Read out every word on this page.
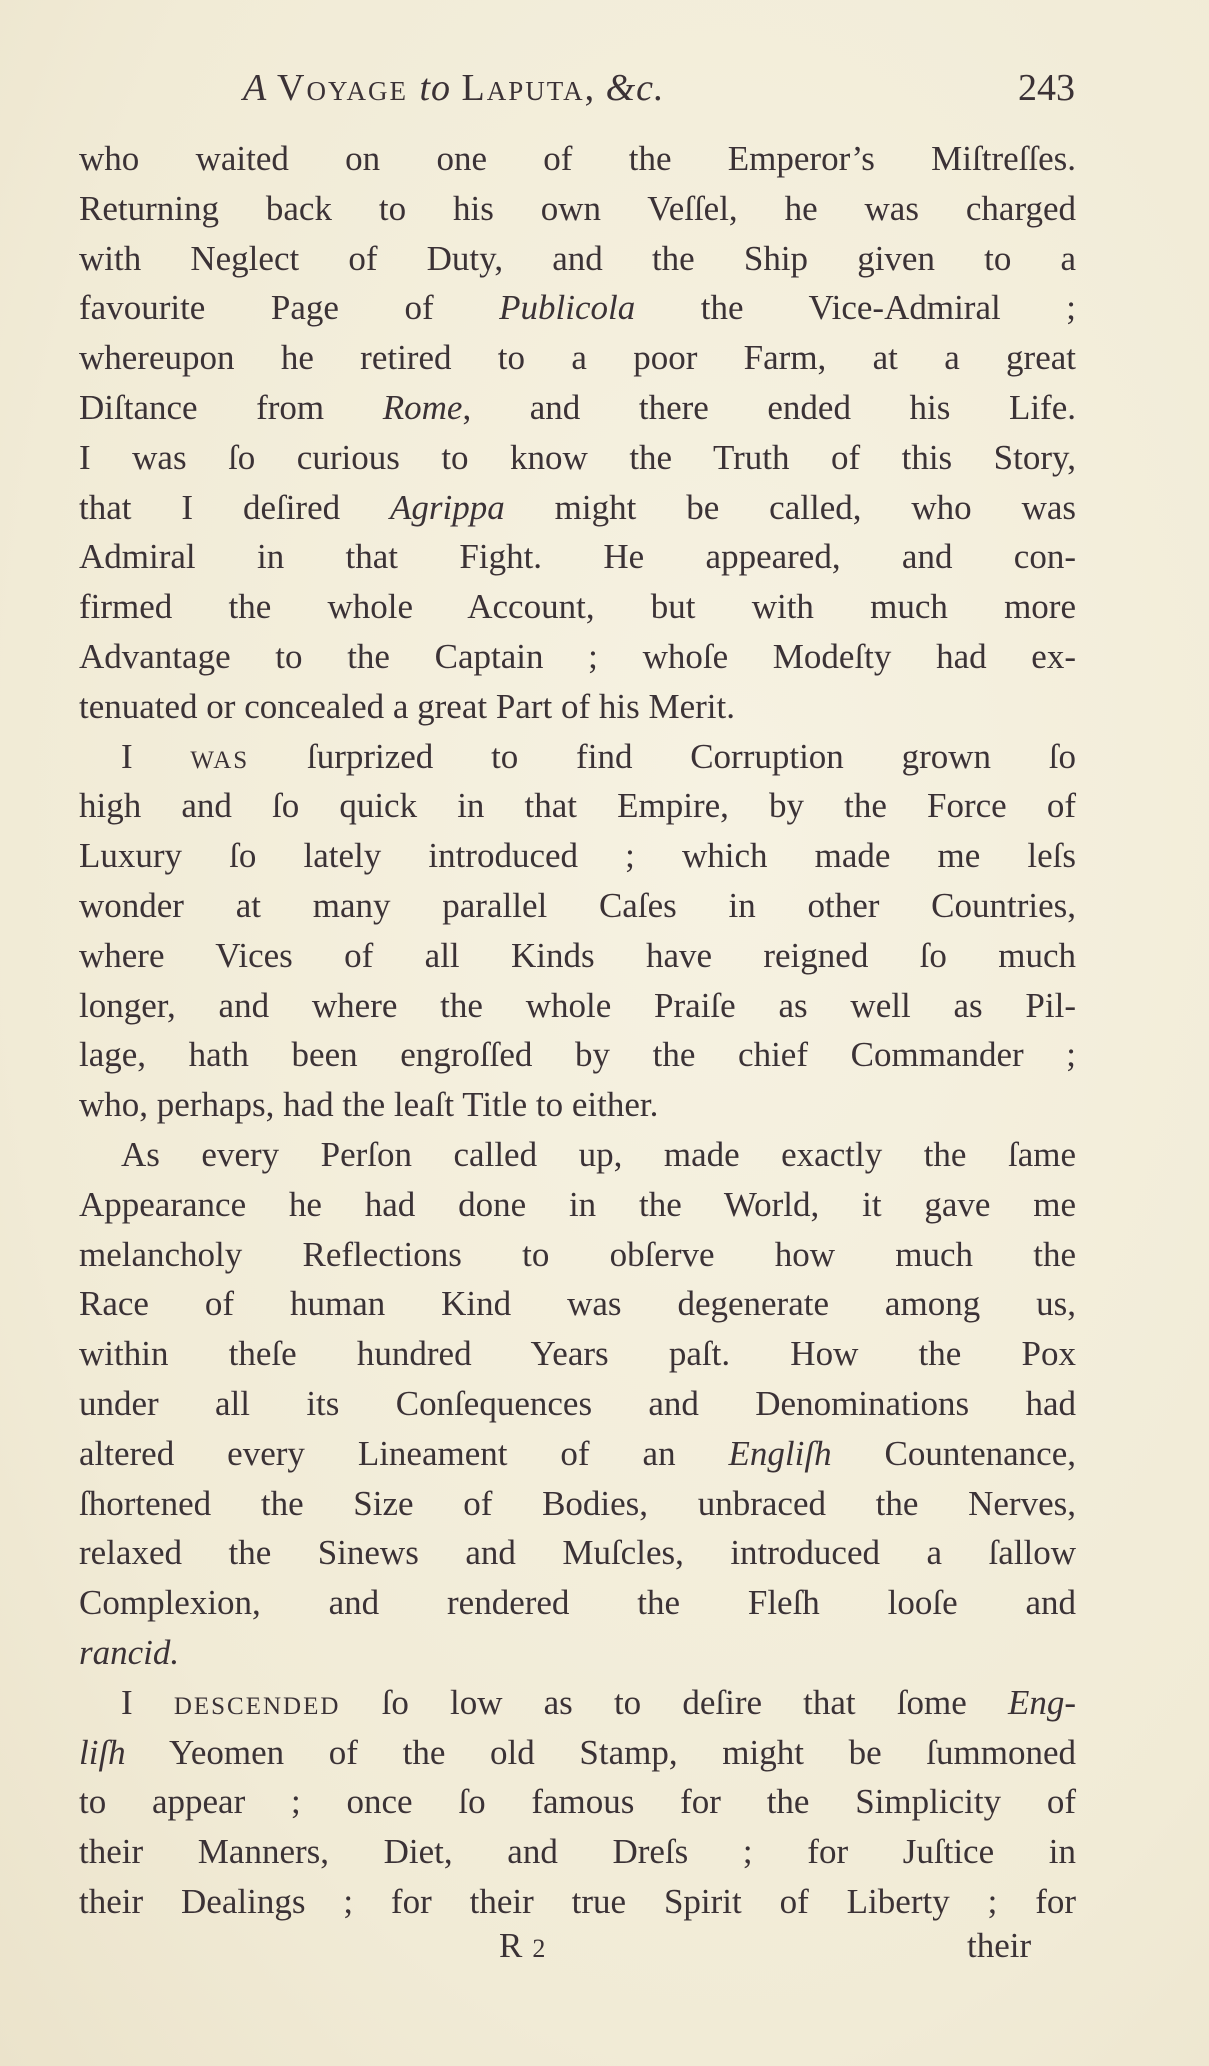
A Voyage to Laputa, &c.	243
who waited on one of the Emperor’s Miſtreſſes.
Returning back to his own Veſſel, he was charged
with Neglect of Duty, and the Ship given to a
favourite Page of Publicola the Vice-Admiral ;
whereupon he retired to a poor Farm, at a great
Diſtance from Rome, and there ended his Life.
I was ſo curious to know the Truth of this Story,
that I deſired Agrippa might be called, who was
Admiral in that Fight. He appeared, and con-
firmed the whole Account, but with much more
Advantage to the Captain ; whoſe Modeſty had ex-
tenuated or concealed a great Part of his Merit.
I was ſurprized to find Corruption grown ſo
high and ſo quick in that Empire, by the Force of
Luxury ſo lately introduced ; which made me leſs
wonder at many parallel Caſes in other Countries,
where Vices of all Kinds have reigned ſo much
longer, and where the whole Praiſe as well as Pil-
lage, hath been engroſſed by the chief Commander ;
who, perhaps, had the leaſt Title to either.
As every Perſon called up, made exactly the ſame
Appearance he had done in the World, it gave me
melancholy Reflections to obſerve how much the
Race of human Kind was degenerate among us,
within theſe hundred Years paſt. How the Pox
under all its Conſequences and Denominations had
altered every Lineament of an Engliſh Countenance,
ſhortened the Size of Bodies, unbraced the Nerves,
relaxed the Sinews and Muſcles, introduced a ſallow
Complexion, and rendered the Fleſh looſe and
rancid.
I descended ſo low as to deſire that ſome Eng-
liſh Yeomen of the old Stamp, might be ſummoned
to appear ; once ſo famous for the Simplicity of
their Manners, Diet, and Dreſs ; for Juſtice in
their Dealings ; for their true Spirit of Liberty ; for
R 2	their
